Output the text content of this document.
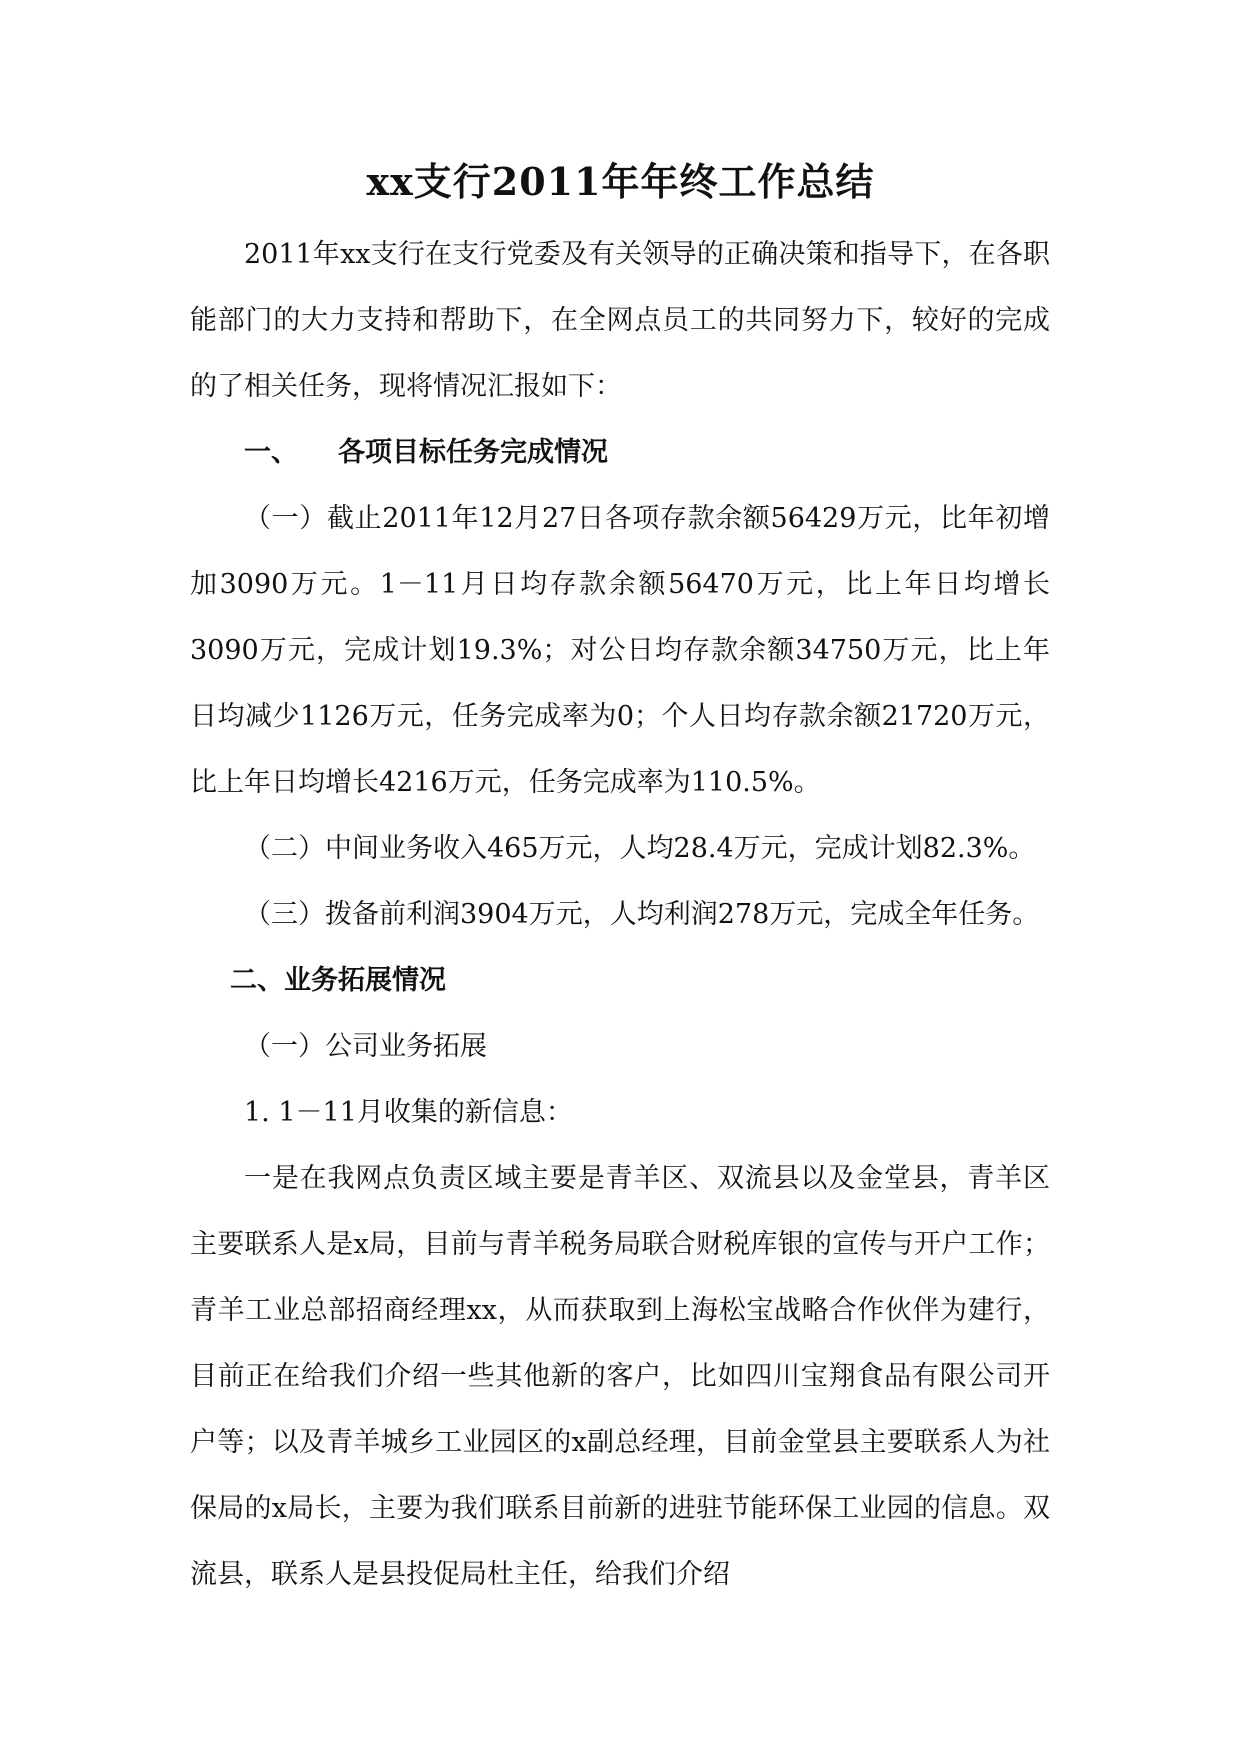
xx支行2011年年终工作总结

2011年xx支行在支行党委及有关领导的正确决策和指导下，在各职能部门的大力支持和帮助下，在全网点员工的共同努力下，较好的完成的了相关任务，现将情况汇报如下：

一、 各项目标任务完成情况

（一）截止2011年12月27日各项存款余额56429万元，比年初增加3090万元。1－11月日均存款余额56470万元，比上年日均增长3090万元，完成计划19.3%；对公日均存款余额34750万元，比上年日均减少1126万元，任务完成率为0；个人日均存款余额21720万元，比上年日均增长4216万元，任务完成率为110.5%。

（二）中间业务收入465万元，人均28.4万元，完成计划82.3%。

（三）拨备前利润3904万元，人均利润278万元，完成全年任务。

二、业务拓展情况

（一）公司业务拓展

1. 1－11月收集的新信息：

一是在我网点负责区域主要是青羊区、双流县以及金堂县，青羊区主要联系人是x局，目前与青羊税务局联合财税库银的宣传与开户工作；青羊工业总部招商经理xx，从而获取到上海松宝战略合作伙伴为建行，目前正在给我们介绍一些其他新的客户，比如四川宝翔食品有限公司开户等；以及青羊城乡工业园区的x副总经理，目前金堂县主要联系人为社保局的x局长，主要为我们联系目前新的进驻节能环保工业园的信息。双流县，联系人是县投促局杜主任，给我们介绍
